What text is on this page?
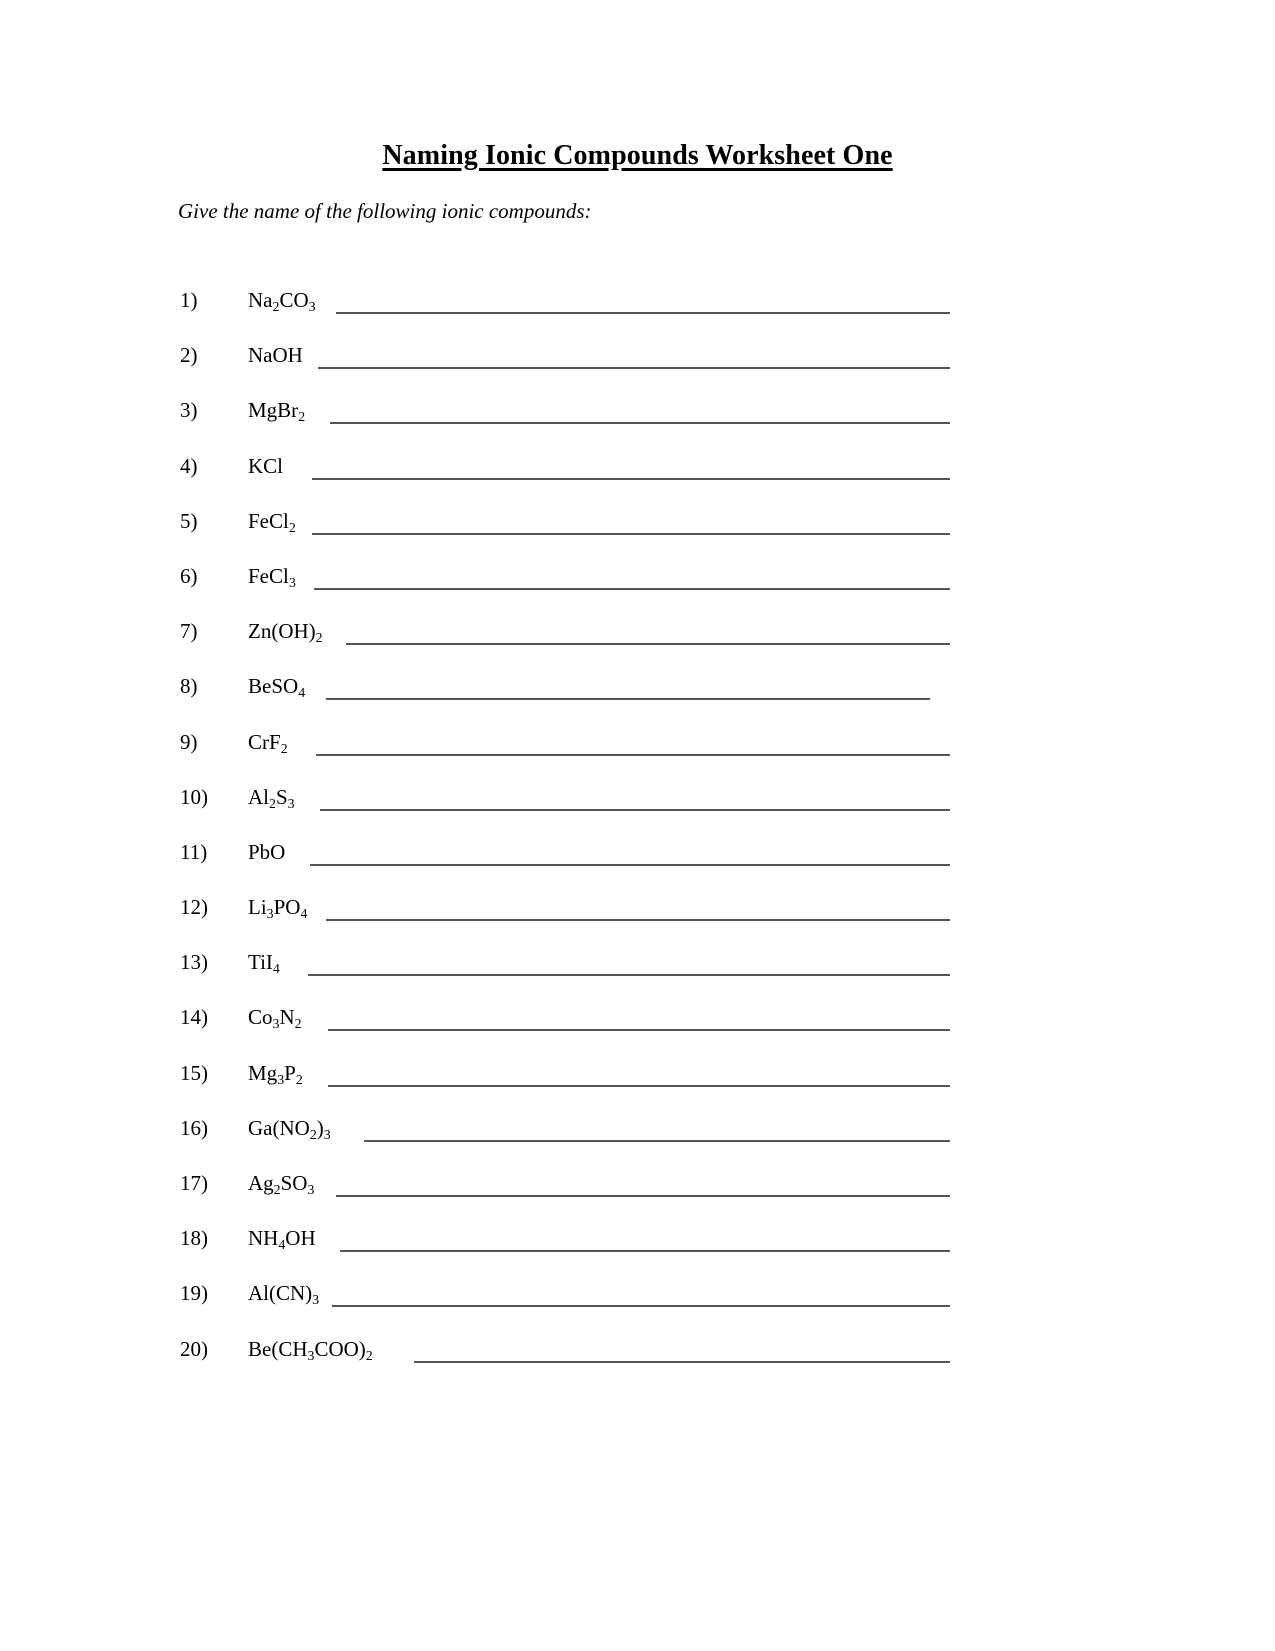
Naming Ionic Compounds Worksheet One
Give the name of the following ionic compounds:
1)	$Na_2CO_3$
2)	NaOH
3)	MgBr$_2$
4)	KCl
5)	FeCl$_2$
6)	FeCl$_3$
7)	$Zn(OH)_2$
8)	BeSO$_4$
9)	CrF$_2$
10)	$Al_2S_3$
11)	PbO
12)	$Li_3PO_4$
13)	TiI$_4$
14)	$Co_3N_2$
15)	$Mg_3P_2$
16)	$Ga(NO_2)_3$
17)	$Ag_2SO_3$
18)	$NH_4OH$
19)	$Al(CN)_3$
20)	$Be(CH_3COO)_2$
